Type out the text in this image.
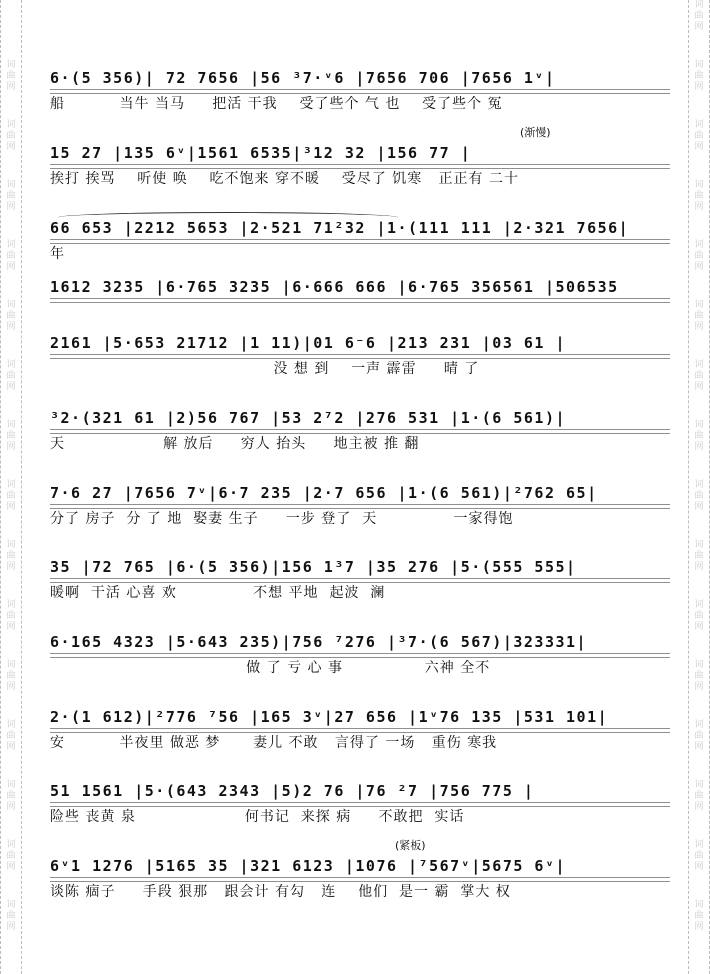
词曲网
词曲网
词曲网
词曲网
词曲网
词曲网
词曲网
词曲网
词曲网
词曲网
词曲网
词曲网
词曲网
词曲网
词曲网
词曲网
词曲网
词曲网
词曲网
词曲网
词曲网
词曲网
词曲网
词曲网
词曲网
词曲网
词曲网
词曲网
词曲网
词曲网
词曲网
6·(5 356)| 72 7656 |56 ³7·ᵛ6 |7656 706 |7656 1ᵛ|
船          当牛 当马     把活 干我    受了些个 气 也    受了些个 冤
(渐慢)
15 27 |135 6ᵛ|1561 6535|³12 32 |156 77 |
挨打 挨骂    听使 唤    吃不饱来 穿不暖    受尽了 饥寒   正正有 二十
66 653 |2212 5653 |2·521 71²32 |1·(111 111 |2·321 7656|
年
1612 3235 |6·765 3235 |6·666 666 |6·765 356561 |506535
2161 |5·653 21712 |1 11)|01 6⁻6 |213 231 |03 61 |
没 想 到    一声 霹雷     晴 了
³2·(321 61 |2)56 767 |53 2⁷2 |276 531 |1·(6 561)|
天                  解 放后     穷人 抬头     地主被 推 翻
7·6 27 |7656 7ᵛ|6·7 235 |2·7 656 |1·(6 561)|²762 65|
分了 房子  分 了 地  娶妻 生子     一步 登了  天              一家得饱
35 |72 765 |6·(5 356)|156 1³7 |35 276 |5·(555 555|
暖啊  干活 心喜 欢              不想 平地  起波  澜
6·165 4323 |5·643 235)|756 ⁷276 |³7·(6 567)|323331|
做 了 亏 心 事               六神 全不
2·(1 612)|²776 ⁷56 |165 3ᵛ|27 656 |1ᵛ76 135 |531 101|
安          半夜里 做恶 梦      妻儿 不敢   言得了 一场   重伤 寒我
51 1561 |5·(643 2343 |5)2 76 |76 ²7 |756 775 |
险些 丧黄 泉                    何书记  来探 病     不敢把  实话
(紧板)
6ᵛ1 1276 |5165 35 |321 6123 |1076 |⁷567ᵛ|5675 6ᵛ|
谈陈 痼子     手段 狠那   跟会计 有勾   连    他们  是一 霸  掌大 权
